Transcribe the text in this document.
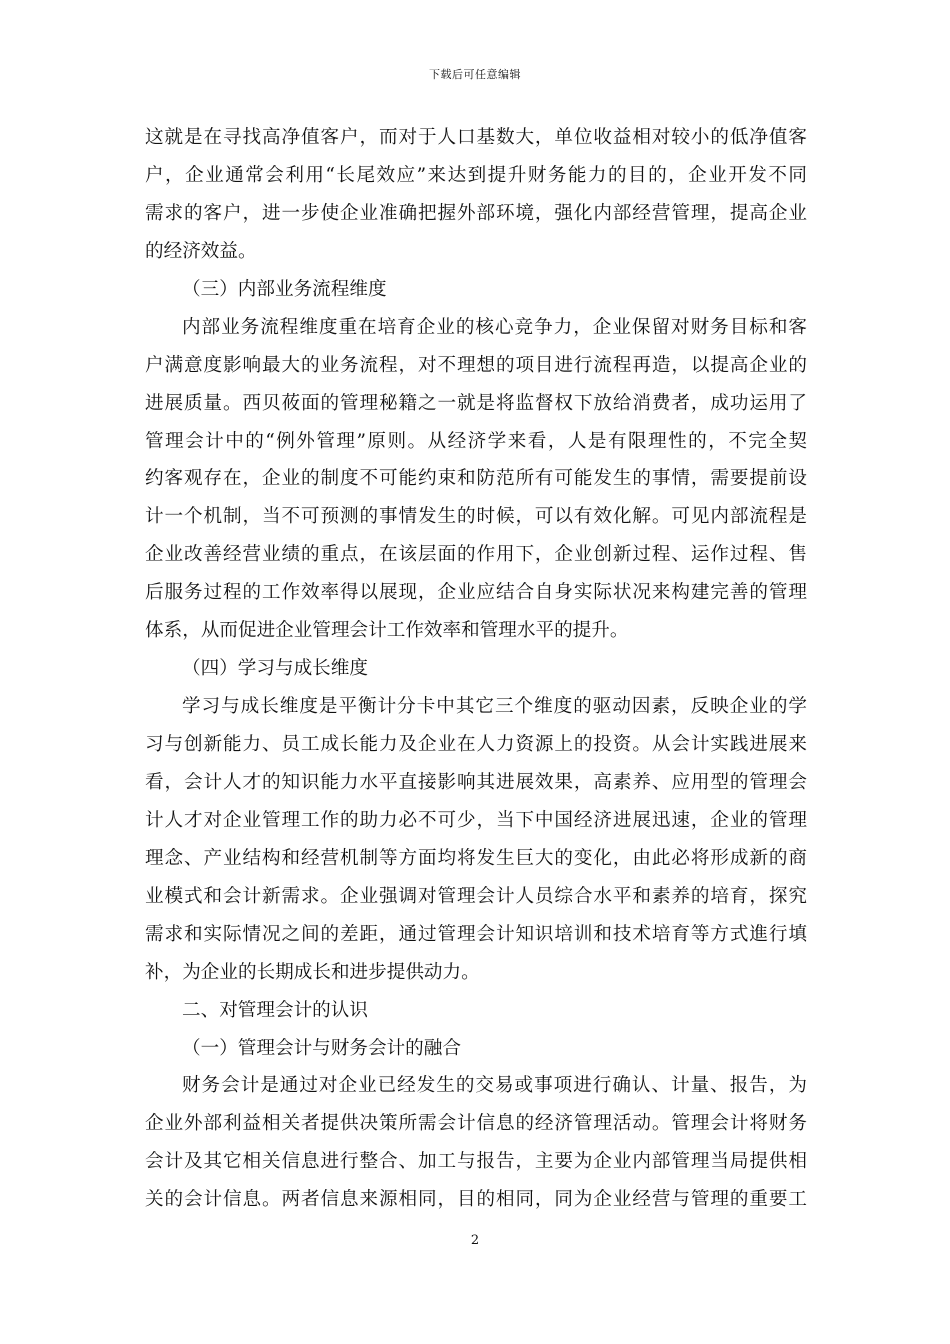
下载后可任意编辑
这就是在寻找高净值客户，而对于人口基数大，单位收益相对较小的低净值客
户，企业通常会利用“长尾效应”来达到提升财务能力的目的，企业开发不同
需求的客户，进一步使企业准确把握外部环境，强化内部经营管理，提高企业
的经济效益。
（三）内部业务流程维度
内部业务流程维度重在培育企业的核心竞争力，企业保留对财务目标和客
户满意度影响最大的业务流程，对不理想的项目进行流程再造，以提高企业的
进展质量。西贝莜面的管理秘籍之一就是将监督权下放给消费者，成功运用了
管理会计中的“例外管理”原则。从经济学来看，人是有限理性的，不完全契
约客观存在，企业的制度不可能约束和防范所有可能发生的事情，需要提前设
计一个机制，当不可预测的事情发生的时候，可以有效化解。可见内部流程是
企业改善经营业绩的重点，在该层面的作用下，企业创新过程、运作过程、售
后服务过程的工作效率得以展现，企业应结合自身实际状况来构建完善的管理
体系，从而促进企业管理会计工作效率和管理水平的提升。
（四）学习与成长维度
学习与成长维度是平衡计分卡中其它三个维度的驱动因素，反映企业的学
习与创新能力、员工成长能力及企业在人力资源上的投资。从会计实践进展来
看，会计人才的知识能力水平直接影响其进展效果，高素养、应用型的管理会
计人才对企业管理工作的助力必不可少，当下中国经济进展迅速，企业的管理
理念、产业结构和经营机制等方面均将发生巨大的变化，由此必将形成新的商
业模式和会计新需求。企业强调对管理会计人员综合水平和素养的培育，探究
需求和实际情况之间的差距，通过管理会计知识培训和技术培育等方式進行填
补，为企业的长期成长和进步提供动力。
二、对管理会计的认识
（一）管理会计与财务会计的融合
财务会计是通过对企业已经发生的交易或事项进行确认、计量、报告，为
企业外部利益相关者提供决策所需会计信息的经济管理活动。管理会计将财务
会计及其它相关信息进行整合、加工与报告，主要为企业内部管理当局提供相
关的会计信息。两者信息来源相同，目的相同，同为企业经营与管理的重要工
2
